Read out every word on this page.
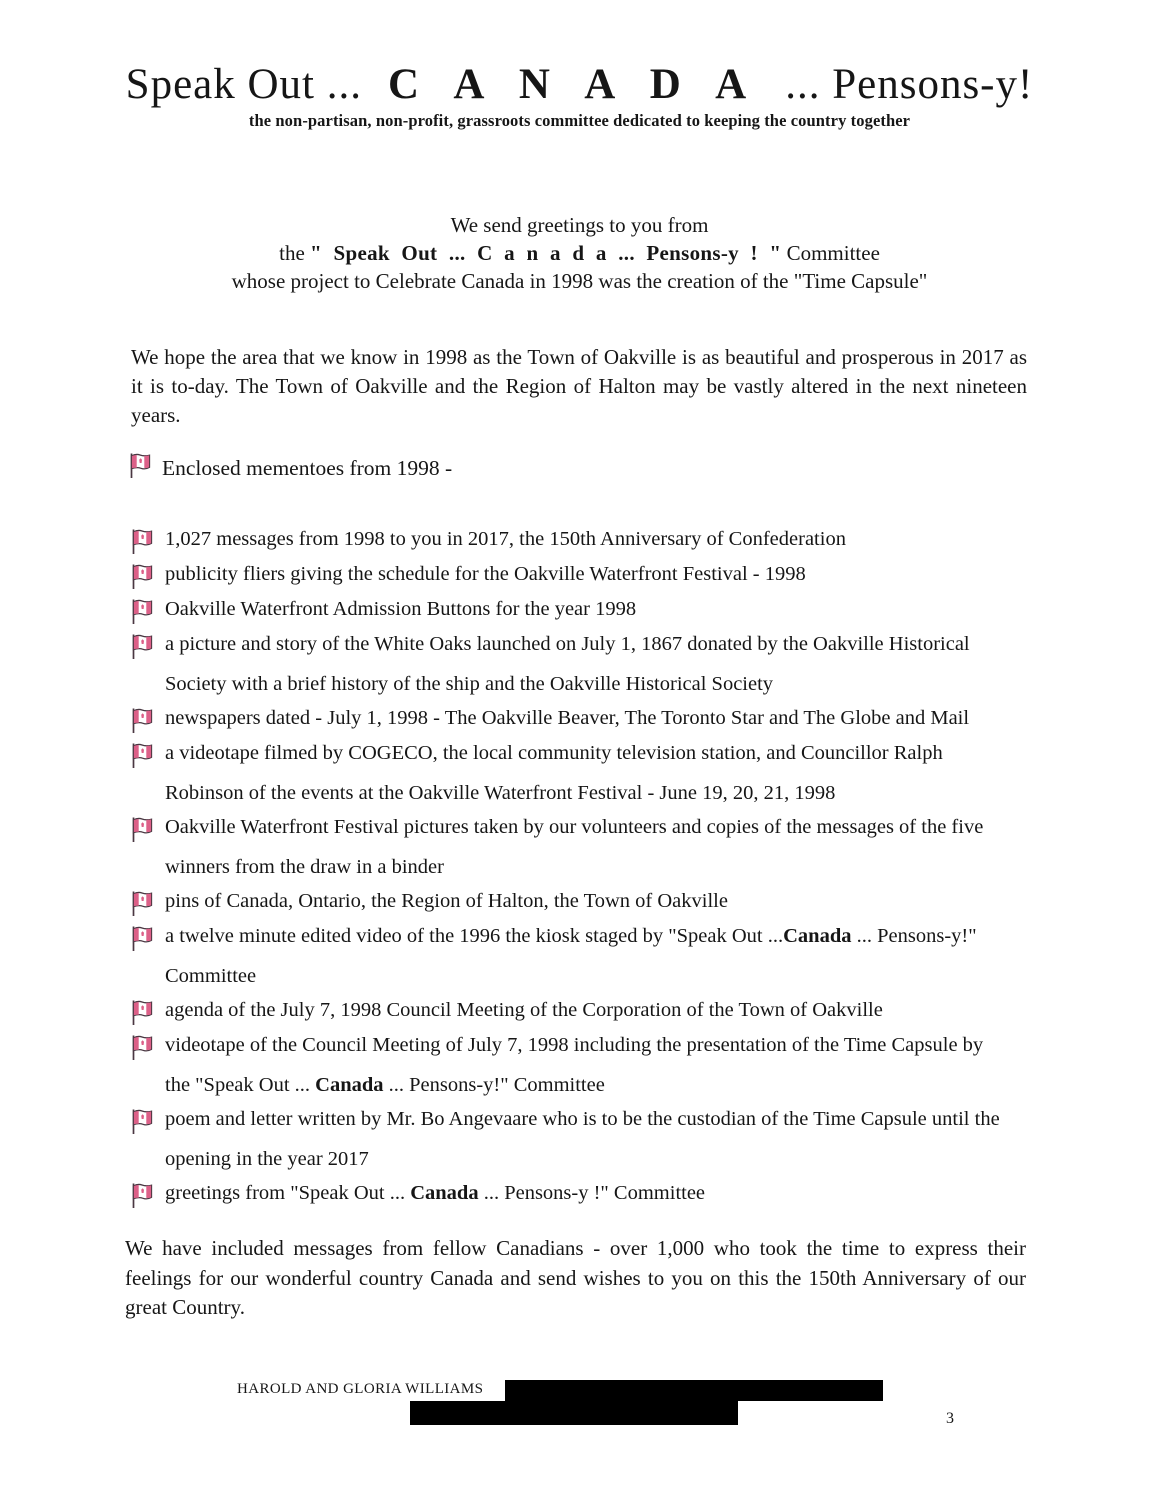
Speak Out ... C A N A D A ... Pensons-y!
the non-partisan, non-profit, grassroots committee dedicated to keeping the country together
We send greetings to you from
the " Speak Out ... C a n a d a ... Pensons-y ! " Committee
whose project to Celebrate Canada in 1998 was the creation of the "Time Capsule"

We hope the area that we know in 1998 as the Town of Oakville is as beautiful and prosperous in 2017 as it is to-day. The Town of Oakville and the Region of Halton may be vastly altered in the next nineteen years.

Enclosed mementoes from 1998 -
1,027 messages from 1998 to you in 2017, the 150th Anniversary of Confederation
publicity fliers giving the schedule for the Oakville Waterfront Festival - 1998
Oakville Waterfront Admission Buttons for the year 1998
a picture and story of the White Oaks launched on July 1, 1867 donated by the Oakville Historical Society with a brief history of the ship and the Oakville Historical Society
newspapers dated - July 1, 1998 - The Oakville Beaver, The Toronto Star and The Globe and Mail
a videotape filmed by COGECO, the local community television station, and Councillor Ralph Robinson of the events at the Oakville Waterfront Festival - June 19, 20, 21, 1998
Oakville Waterfront Festival pictures taken by our volunteers and copies of the messages of the five winners from the draw in a binder
pins of Canada, Ontario, the Region of Halton, the Town of Oakville
a twelve minute edited video of the 1996 the kiosk staged by "Speak Out ...Canada ... Pensons-y!" Committee
agenda of the July 7, 1998 Council Meeting of the Corporation of the Town of Oakville
videotape of the Council Meeting of July 7, 1998 including the presentation of the Time Capsule by the "Speak Out ... Canada ... Pensons-y!" Committee
poem and letter written by Mr. Bo Angevaare who is to be the custodian of the Time Capsule until the opening in the year 2017
greetings from "Speak Out ... Canada ... Pensons-y !" Committee

We have included messages from fellow Canadians - over 1,000 who took the time to express their feelings for our wonderful country Canada and send wishes to you on this the 150th Anniversary of our great Country.

HAROLD AND GLORIA WILLIAMS
3
